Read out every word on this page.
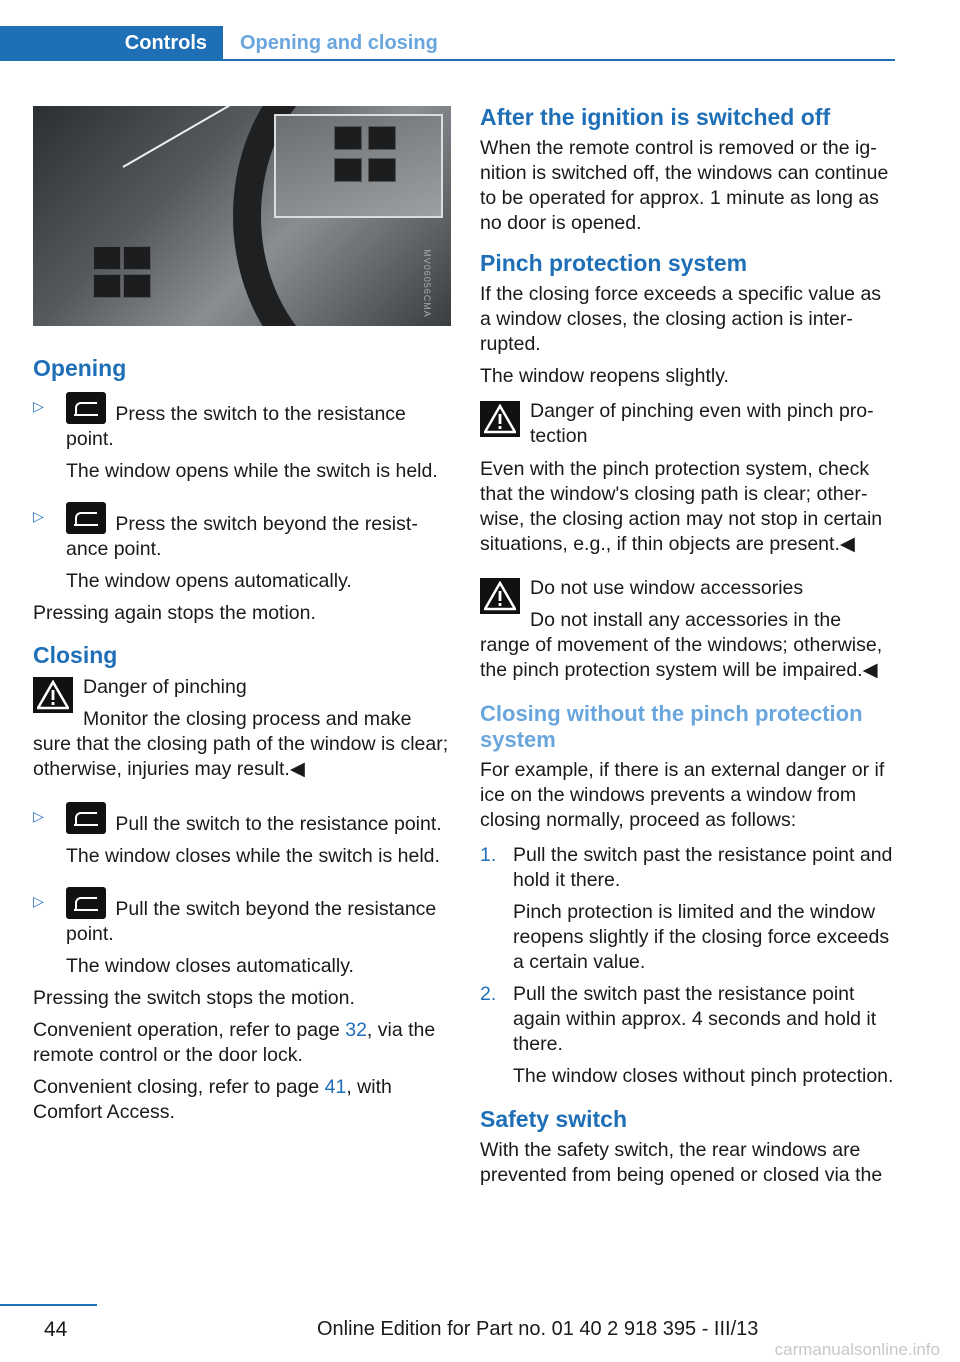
Controls	Opening and closing
MV06056CMA
Opening
▷	Press the switch to the resistance point.

The window opens while the switch is held.

▷	Press the switch beyond the resistance point.

The window opens automatically.

Pressing again stops the motion.

Closing

Danger of pinching

Monitor the closing process and make sure that the closing path of the window is clear; otherwise, injuries may result.◀

▷	Pull the switch to the resistance point.

The window closes while the switch is held.

▷	Pull the switch beyond the resistance point.

The window closes automatically.

Pressing the switch stops the motion.

Convenient operation, refer to page 32, via the remote control or the door lock.

Convenient closing, refer to page 41, with Comfort Access.

After the ignition is switched off

When the remote control is removed or the ignition is switched off, the windows can continue to be operated for approx. 1 minute as long as no door is opened.

Pinch protection system

If the closing force exceeds a specific value as a window closes, the closing action is interrupted.

The window reopens slightly.

Danger of pinching even with pinch protection

Even with the pinch protection system, check that the window's closing path is clear; otherwise, the closing action may not stop in certain situations, e.g., if thin objects are present.◀

Do not use window accessories

Do not install any accessories in the range of movement of the windows; otherwise, the pinch protection system will be impaired.◀

Closing without the pinch protection system

For example, if there is an external danger or if ice on the windows prevents a window from closing normally, proceed as follows:

1. Pull the switch past the resistance point and hold it there.

Pinch protection is limited and the window reopens slightly if the closing force exceeds a certain value.

2. Pull the switch past the resistance point again within approx. 4 seconds and hold it there.

The window closes without pinch protection.

Safety switch

With the safety switch, the rear windows are prevented from being opened or closed via the

44	Online Edition for Part no. 01 40 2 918 395 - III/13
carmanualsonline.info
